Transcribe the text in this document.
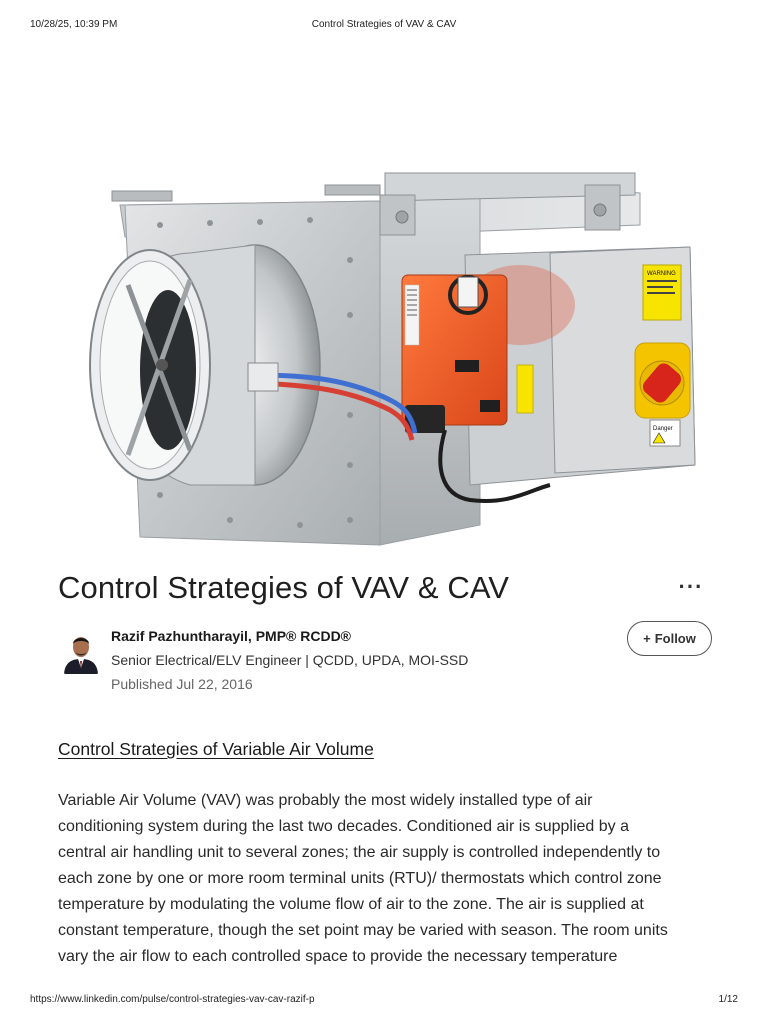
10/28/25, 10:39 PM	Control Strategies of VAV & CAV
WARNING
Danger
Control Strategies of VAV & CAV	···
Razif Pazhuntharayil, PMP® RCDD®
Senior Electrical/ELV Engineer | QCDD, UPDA, MOI-SSD
Published Jul 22, 2016
+ Follow
Control Strategies of Variable Air Volume

Variable Air Volume (VAV) was probably the most widely installed type of air
conditioning system during the last two decades. Conditioned air is supplied by a
central air handling unit to several zones; the air supply is controlled independently to
each zone by one or more room terminal units (RTU)/ thermostats which control zone
temperature by modulating the volume flow of air to the zone. The air is supplied at
constant temperature, though the set point may be varied with season. The room units
vary the air flow to each controlled space to provide the necessary temperature

https://www.linkedin.com/pulse/control-strategies-vav-cav-razif-p	1/12
